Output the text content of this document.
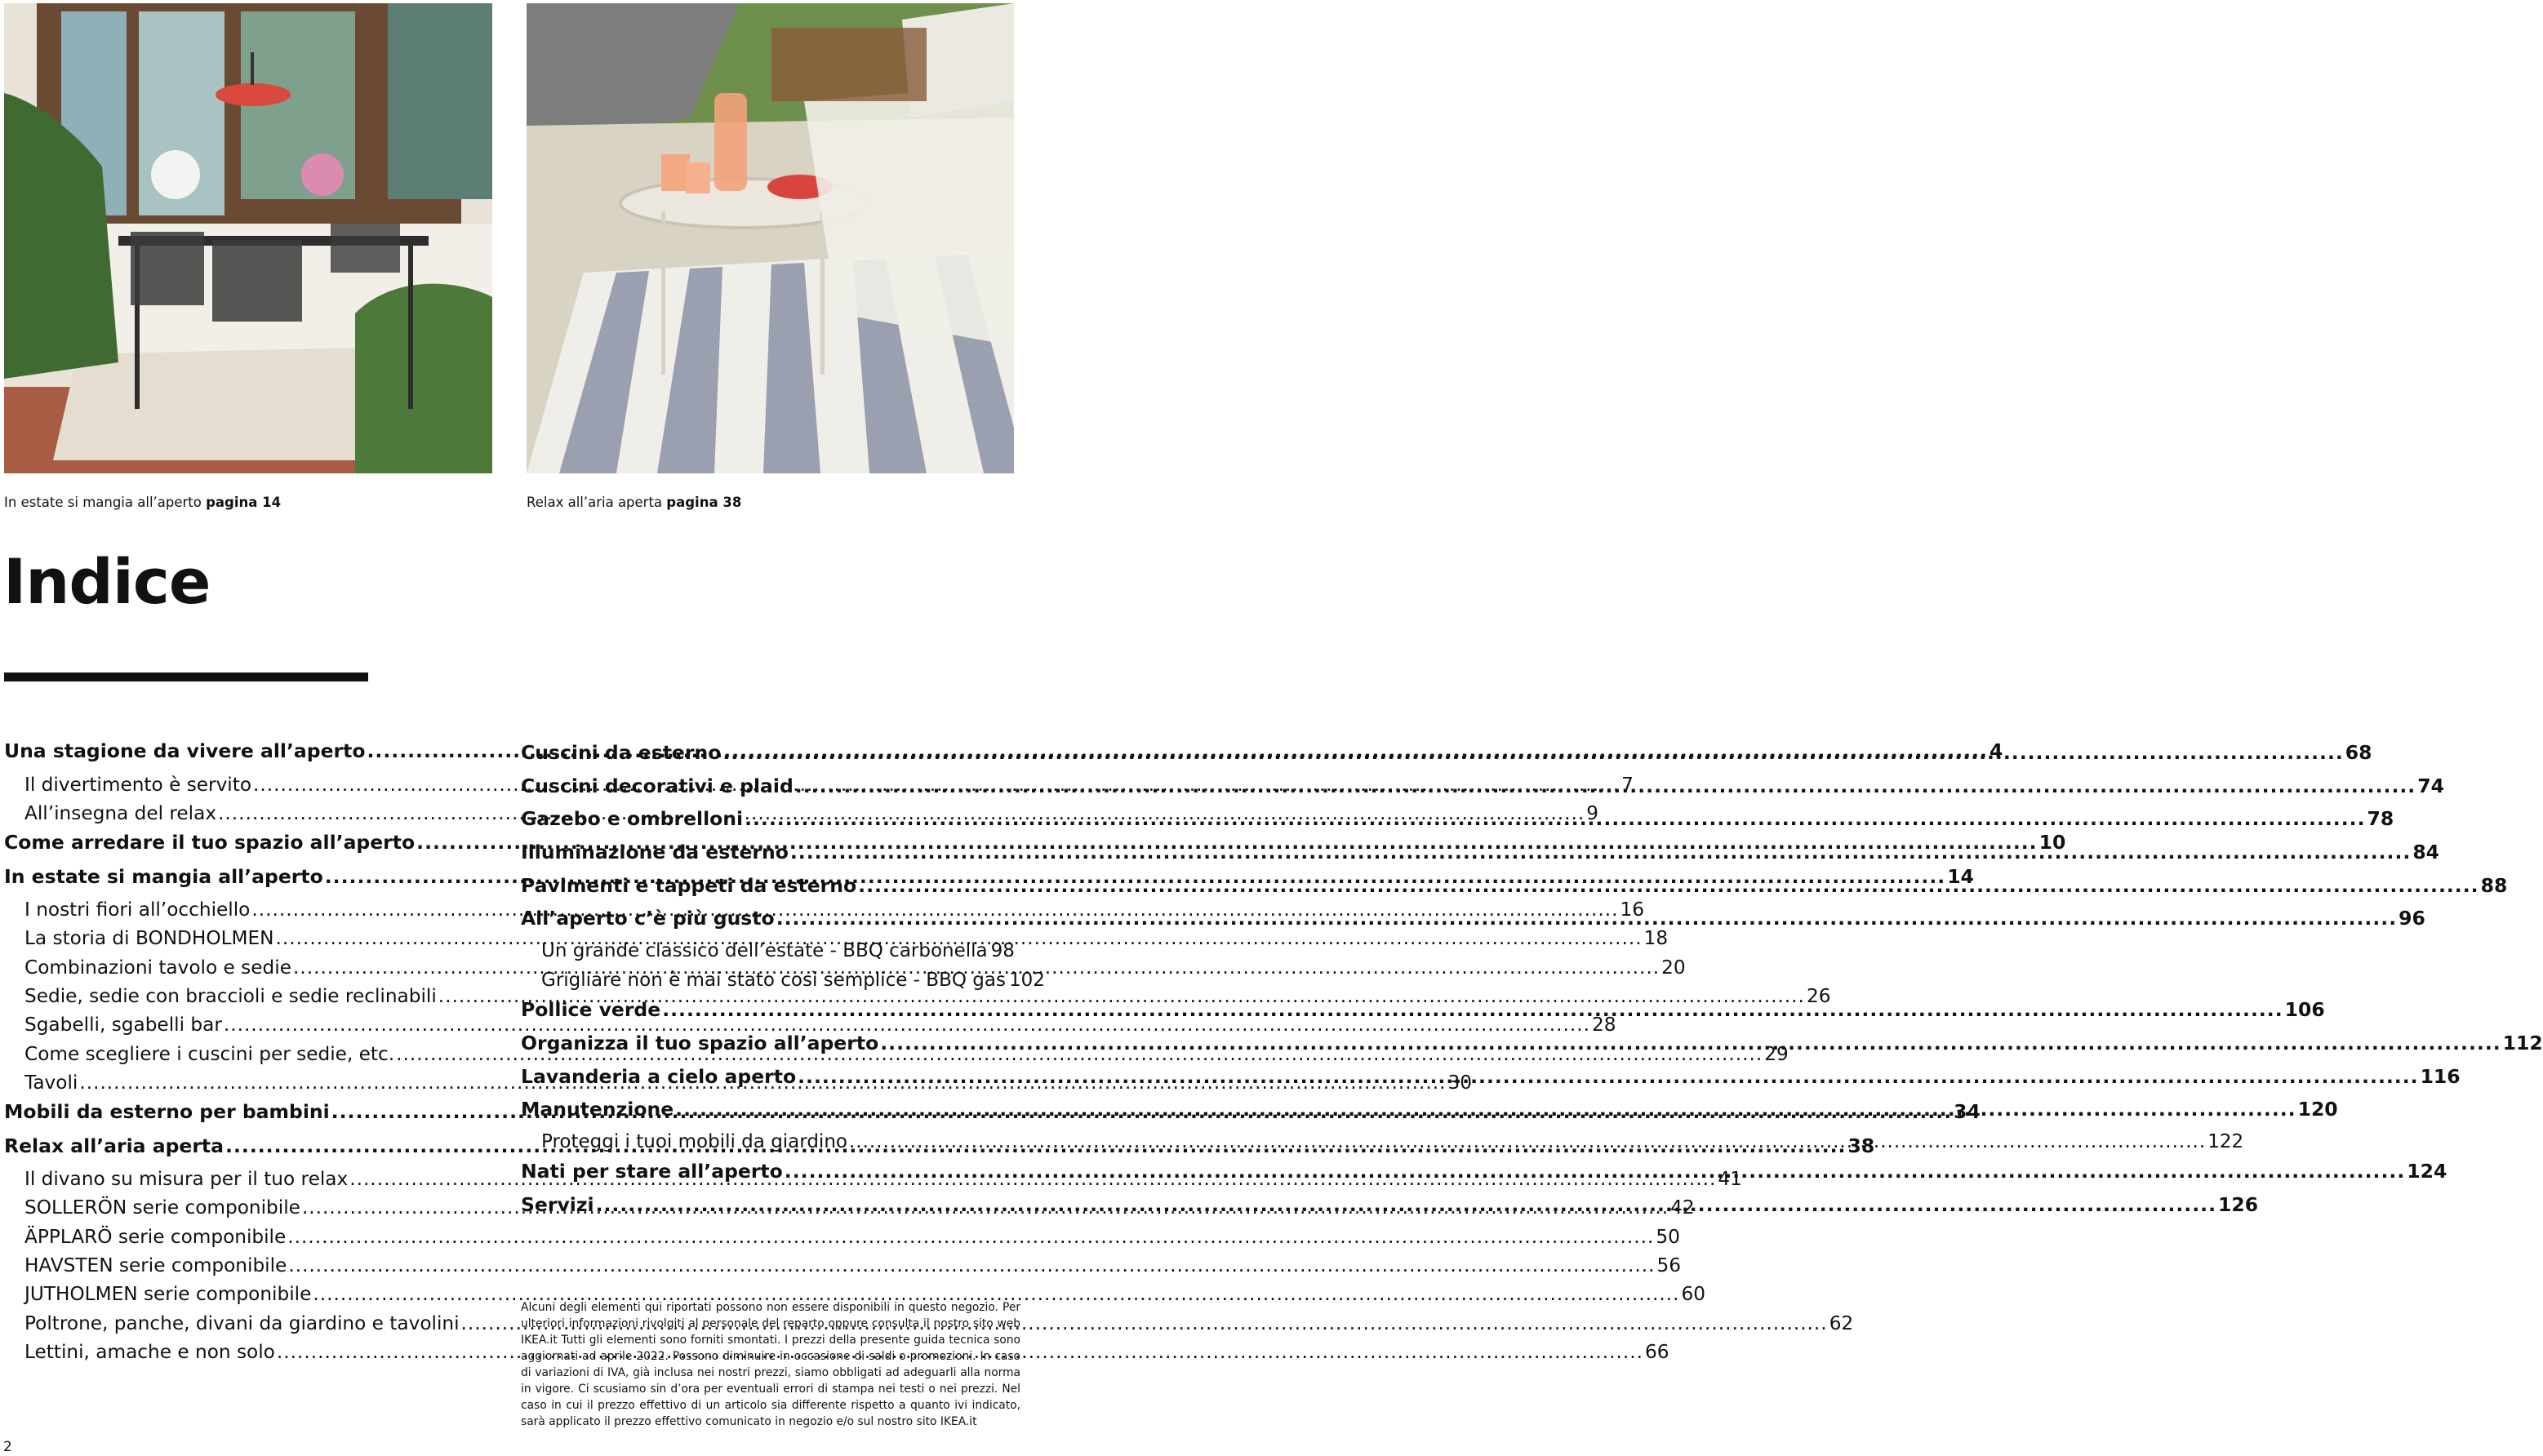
In estate si mangia all’aperto pagina 14	Relax all’aria aperta pagina 38
Indice
Una stagione da vivere all’aperto .....	4
Il divertimento è servito .....	7
All’insegna del relax .....	9
Come arredare il tuo spazio all’aperto .....	10
In estate si mangia all’aperto .....	14
I nostri fiori all’occhiello .....	16
La storia di BONDHOLMEN .....	18
Combinazioni tavolo e sedie .....	20
Sedie, sedie con braccioli e sedie reclinabili .....	26
Sgabelli, sgabelli bar .....	28
Come scegliere i cuscini per sedie, etc. .....	29
Tavoli .....	30
Mobili da esterno per bambini .....	34
Relax all’aria aperta .....	38
Il divano su misura per il tuo relax .....	41
SOLLERÖN serie componibile .....	42
ÄPPLARÖ serie componibile .....	50
HAVSTEN serie componibile .....	56
JUTHOLMEN serie componibile .....	60
Poltrone, panche, divani da giardino e tavolini .....	62
Lettini, amache e non solo .....	66
Cuscini da esterno .....	68
Cuscini decorativi e plaid .....	74
Gazebo e ombrelloni .....	78
Illuminazione da esterno .....	84
Pavimenti e tappeti da esterno .....	88
All’aperto c’è più gusto .....	96
Un grande classico dell’estate - BBQ carbonella 98
Grigliare non è mai stato così semplice - BBQ gas 102
Pollice verde .....	106
Organizza il tuo spazio all’aperto .....	112
Lavanderia a cielo aperto .....	116
Manutenzione .....	120
Proteggi i tuoi mobili da giardino .....	122
Nati per stare all’aperto .....	124
Servizi .....	126

Alcuni degli elementi qui riportati possono non essere disponibili in questo negozio. Per ulteriori informazioni rivolgiti al personale del reparto oppure consulta il nostro sito web IKEA.it Tutti gli elementi sono forniti smontati. I prezzi della presente guida tecnica sono aggiornati ad aprile 2022. Possono diminuire in occasione di saldi o promozioni. In caso di variazioni di IVA, già inclusa nei nostri prezzi, siamo obbligati ad adeguarli alla norma in vigore. Ci scusiamo sin d’ora per eventuali errori di stampa nei testi o nei prezzi. Nel caso in cui il prezzo effettivo di un articolo sia differente rispetto a quanto ivi indicato, sarà applicato il prezzo effettivo comunicato in negozio e/o sul nostro sito IKEA.it

2
